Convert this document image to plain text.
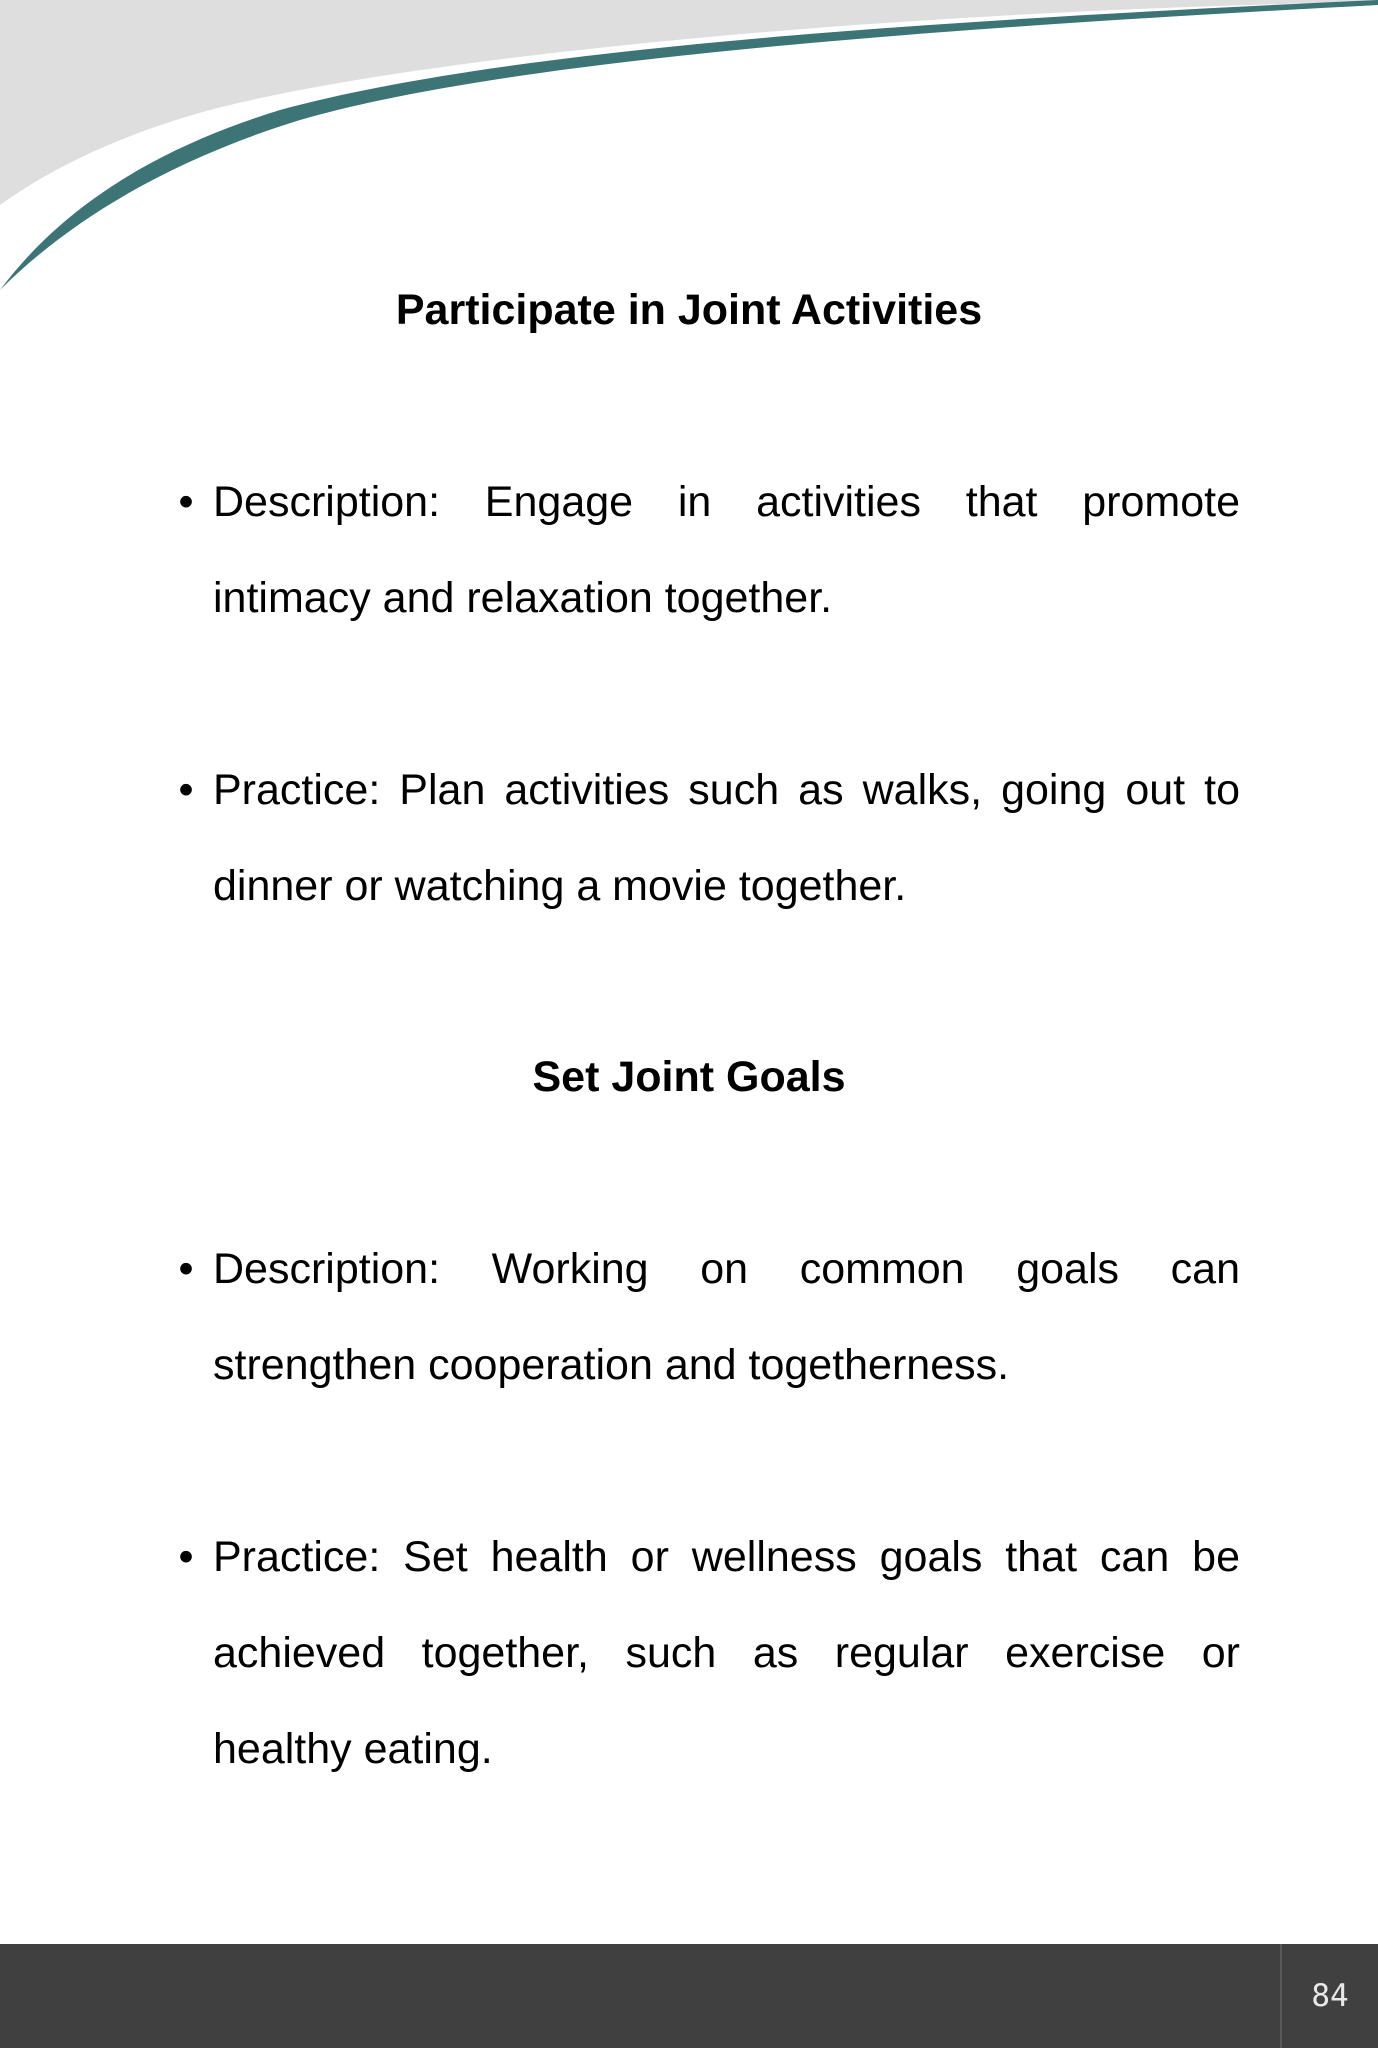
Participate in Joint Activities

• Description: Engage in activities that promote intimacy and relaxation together.

• Practice: Plan activities such as walks, going out to dinner or watching a movie together.

Set Joint Goals

• Description: Working on common goals can strengthen cooperation and togetherness.

• Practice: Set health or wellness goals that can be achieved together, such as regular exercise or healthy eating.

84
